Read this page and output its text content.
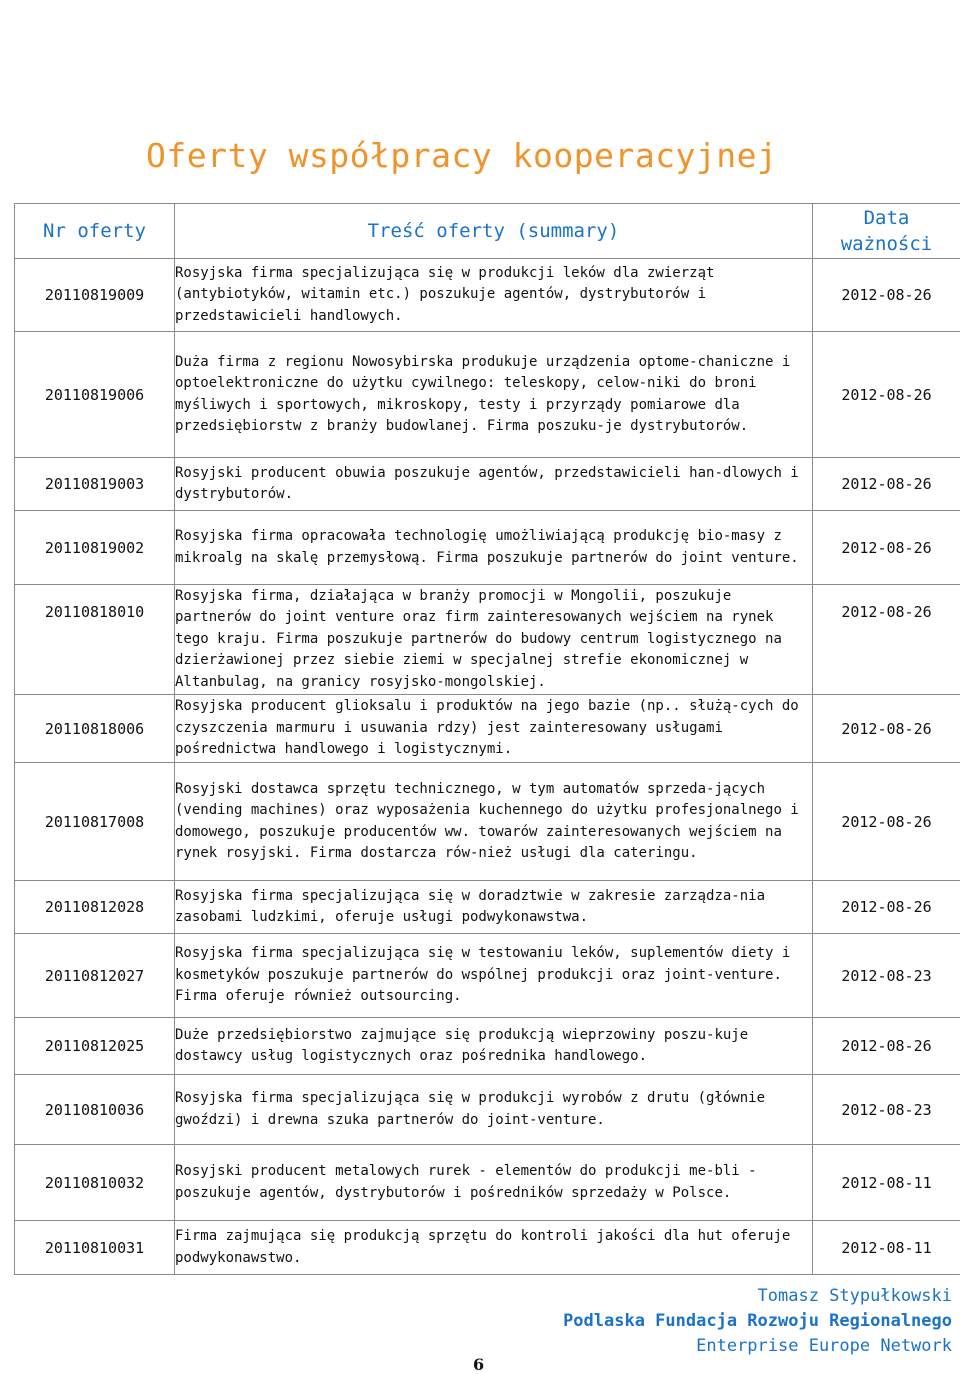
Oferty współpracy kooperacyjnej
Nr oferty	Treść oferty (summary)	Data ważności
20110819009	Rosyjska firma specjalizująca się w produkcji leków dla zwierząt (antybiotyków, witamin etc.) poszukuje agentów, dystrybutorów i przedstawicieli handlowych.	2012-08-26
20110819006	Duża firma z regionu Nowosybirska produkuje urządzenia optome-chaniczne i optoelektroniczne do użytku cywilnego: teleskopy, celow-niki do broni myśliwych i sportowych, mikroskopy, testy i przyrządy pomiarowe dla przedsiębiorstw z branży budowlanej. Firma poszuku-je dystrybutorów.	2012-08-26
20110819003	Rosyjski producent obuwia poszukuje agentów, przedstawicieli han-dlowych i dystrybutorów.	2012-08-26
20110819002	Rosyjska firma opracowała technologię umożliwiającą produkcję bio-masy z mikroalg na skalę przemysłową. Firma poszukuje partnerów do joint venture.	2012-08-26
20110818010	Rosyjska firma, działająca w branży promocji w Mongolii, poszukuje partnerów do joint venture oraz firm zainteresowanych wejściem na rynek tego kraju. Firma poszukuje partnerów do budowy centrum logistycznego na dzierżawionej przez siebie ziemi w specjalnej strefie ekonomicznej w Altanbulag, na granicy rosyjsko-mongolskiej.	2012-08-26
20110818006	Rosyjska producent glioksalu i produktów na jego bazie (np.. służą-cych do czyszczenia marmuru i usuwania rdzy) jest zainteresowany usługami pośrednictwa handlowego i logistycznymi.	2012-08-26
20110817008	Rosyjski dostawca sprzętu technicznego, w tym automatów sprzeda-jących (vending machines) oraz wyposażenia kuchennego do użytku profesjonalnego i domowego, poszukuje producentów ww. towarów zainteresowanych wejściem na rynek rosyjski. Firma dostarcza rów-nież usługi dla cateringu.	2012-08-26
20110812028	Rosyjska firma specjalizująca się w doradztwie w zakresie zarządza-nia zasobami ludzkimi, oferuje usługi podwykonawstwa.	2012-08-26
20110812027	Rosyjska firma specjalizująca się w testowaniu leków, suplementów diety i kosmetyków poszukuje partnerów do wspólnej produkcji oraz joint-venture. Firma oferuje również outsourcing.	2012-08-23
20110812025	Duże przedsiębiorstwo zajmujące się produkcją wieprzowiny poszu-kuje dostawcy usług logistycznych oraz pośrednika handlowego.	2012-08-26
20110810036	Rosyjska firma specjalizująca się w produkcji wyrobów z drutu (głównie gwoździ) i drewna szuka partnerów do joint-venture.	2012-08-23
20110810032	Rosyjski producent metalowych rurek - elementów do produkcji me-bli - poszukuje agentów, dystrybutorów i pośredników sprzedaży w Polsce.	2012-08-11
20110810031	Firma zajmująca się produkcją sprzętu do kontroli jakości dla hut oferuje podwykonawstwo.	2012-08-11
Tomasz Stypułkowski
Podlaska Fundacja Rozwoju Regionalnego
Enterprise Europe Network
6
